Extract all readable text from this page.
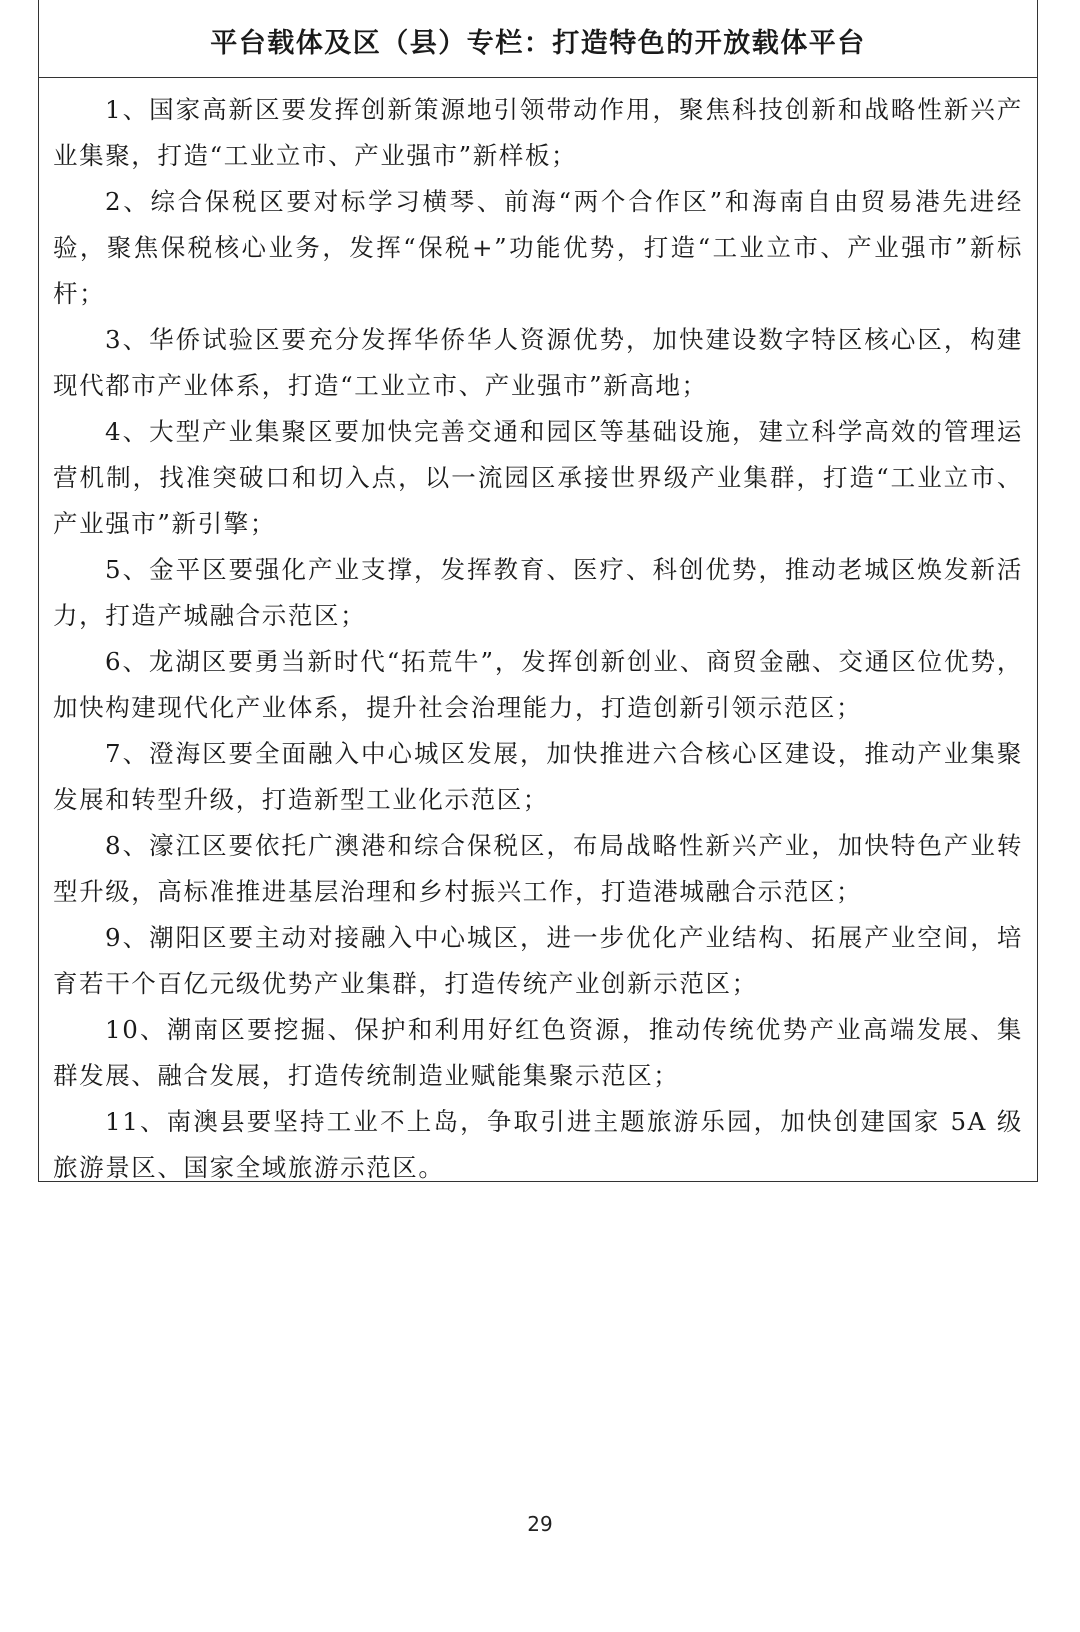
平台载体及区（县）专栏：打造特色的开放载体平台

1、国家高新区要发挥创新策源地引领带动作用，聚焦科技创新和战略性新兴产业集聚，打造“工业立市、产业强市”新样板；

2、综合保税区要对标学习横琴、前海“两个合作区”和海南自由贸易港先进经验，聚焦保税核心业务，发挥“保税+”功能优势，打造“工业立市、产业强市”新标杆；

3、华侨试验区要充分发挥华侨华人资源优势，加快建设数字特区核心区，构建现代都市产业体系，打造“工业立市、产业强市”新高地；

4、大型产业集聚区要加快完善交通和园区等基础设施，建立科学高效的管理运营机制，找准突破口和切入点，以一流园区承接世界级产业集群，打造“工业立市、产业强市”新引擎；

5、金平区要强化产业支撑，发挥教育、医疗、科创优势，推动老城区焕发新活力，打造产城融合示范区；

6、龙湖区要勇当新时代“拓荒牛”，发挥创新创业、商贸金融、交通区位优势，加快构建现代化产业体系，提升社会治理能力，打造创新引领示范区；

7、澄海区要全面融入中心城区发展，加快推进六合核心区建设，推动产业集聚发展和转型升级，打造新型工业化示范区；

8、濠江区要依托广澳港和综合保税区，布局战略性新兴产业，加快特色产业转型升级，高标准推进基层治理和乡村振兴工作，打造港城融合示范区；

9、潮阳区要主动对接融入中心城区，进一步优化产业结构、拓展产业空间，培育若干个百亿元级优势产业集群，打造传统产业创新示范区；

10、潮南区要挖掘、保护和利用好红色资源，推动传统优势产业高端发展、集群发展、融合发展，打造传统制造业赋能集聚示范区；

11、南澳县要坚持工业不上岛，争取引进主题旅游乐园，加快创建国家 5A 级旅游景区、国家全域旅游示范区。

29
